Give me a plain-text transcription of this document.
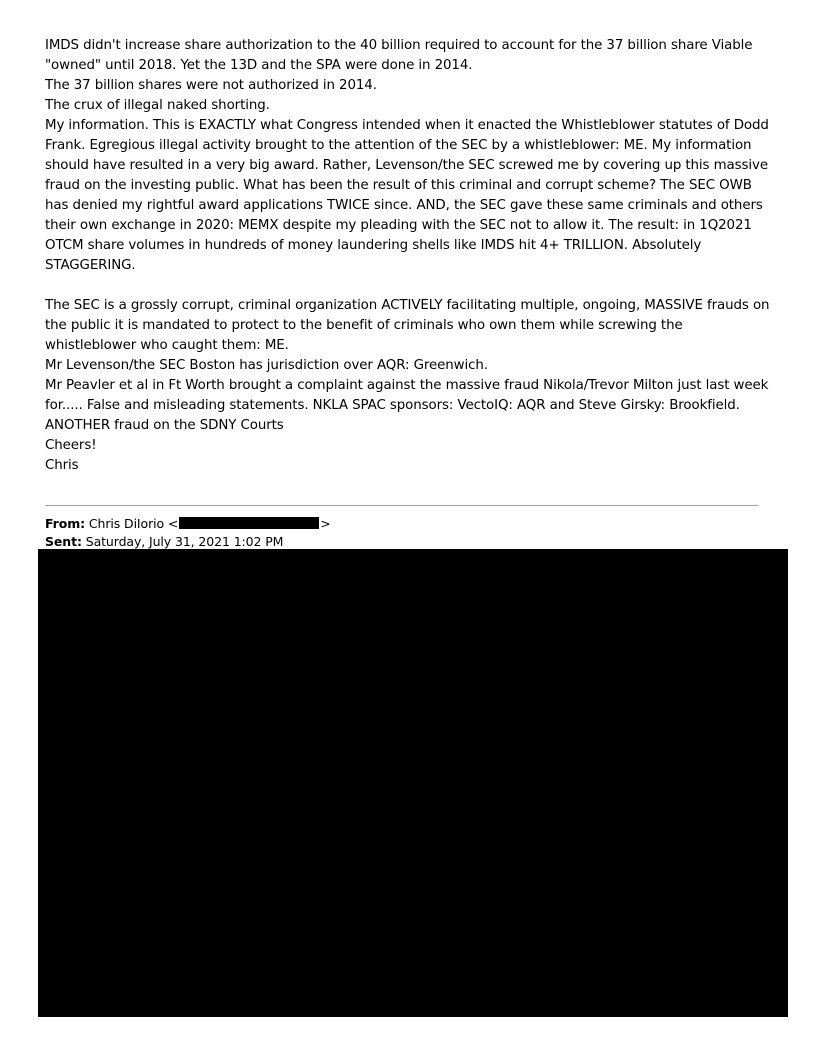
IMDS didn't increase share authorization to the 40 billion required to account for the 37 billion share Viable "owned" until 2018. Yet the 13D and the SPA were done in 2014.

The 37 billion shares were not authorized in 2014.

The crux of illegal naked shorting.

My information. This is EXACTLY what Congress intended when it enacted the Whistleblower statutes of Dodd Frank. Egregious illegal activity brought to the attention of the SEC by a whistleblower: ME. My information should have resulted in a very big award. Rather, Levenson/the SEC screwed me by covering up this massive fraud on the investing public. What has been the result of this criminal and corrupt scheme? The SEC OWB has denied my rightful award applications TWICE since. AND, the SEC gave these same criminals and others their own exchange in 2020: MEMX despite my pleading with the SEC not to allow it. The result: in 1Q2021 OTCM share volumes in hundreds of money laundering shells like IMDS hit 4+ TRILLION. Absolutely STAGGERING.

The SEC is a grossly corrupt, criminal organization ACTIVELY facilitating multiple, ongoing, MASSIVE frauds on the public it is mandated to protect to the benefit of criminals who own them while screwing the whistleblower who caught them: ME.

Mr Levenson/the SEC Boston has jurisdiction over AQR: Greenwich.

Mr Peavler et al in Ft Worth brought a complaint against the massive fraud Nikola/Trevor Milton just last week for..... False and misleading statements. NKLA SPAC sponsors: VectoIQ: AQR and Steve Girsky: Brookfield.

ANOTHER fraud on the SDNY Courts

Cheers!

Chris

From: Chris DiIorio <	>
Sent: Saturday, July 31, 2021 1:02 PM
